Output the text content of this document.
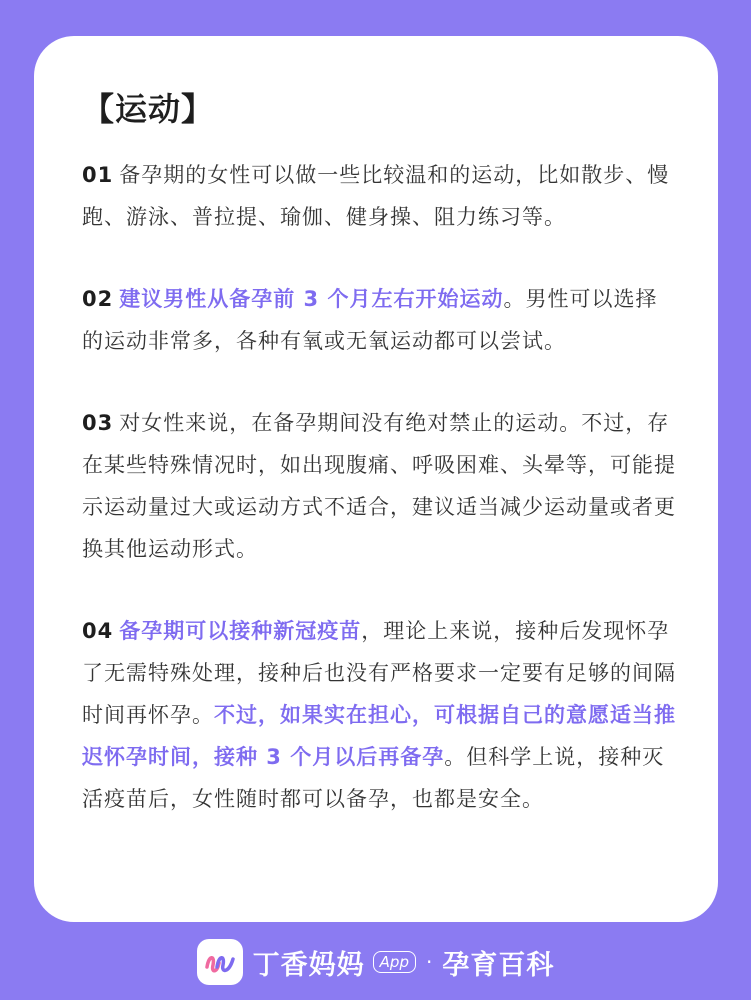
【运动】

01 备孕期的女性可以做一些比较温和的运动，比如散步、慢跑、游泳、普拉提、瑜伽、健身操、阻力练习等。

02 建议男性从备孕前 3 个月左右开始运动。男性可以选择的运动非常多，各种有氧或无氧运动都可以尝试。

03 对女性来说，在备孕期间没有绝对禁止的运动。不过，存在某些特殊情况时，如出现腹痛、呼吸困难、头晕等，可能提示运动量过大或运动方式不适合，建议适当减少运动量或者更换其他运动形式。

04 备孕期可以接种新冠疫苗，理论上来说，接种后发现怀孕了无需特殊处理，接种后也没有严格要求一定要有足够的间隔时间再怀孕。不过，如果实在担心，可根据自己的意愿适当推迟怀孕时间，接种 3 个月以后再备孕。但科学上说，接种灭活疫苗后，女性随时都可以备孕，也都是安全。

丁香妈妈	App · 孕育百科
